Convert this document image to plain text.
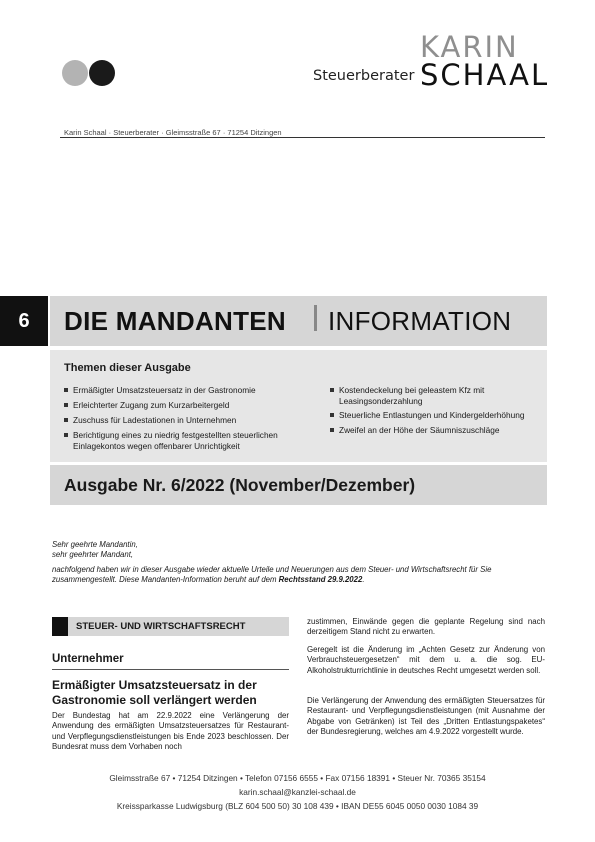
KARIN
Steuerberater SCHAAL
Karin Schaal · Steuerberater · Gleimsstraße 67 · 71254 Ditzingen
6	DIE MANDANTEN INFORMATION
Themen dieser Ausgabe
Ermäßigter Umsatzsteuersatz in der Gastronomie
Erleichterter Zugang zum Kurzarbeitergeld
Zuschuss für Ladestationen in Unternehmen
Berichtigung eines zu niedrig festgestellten steuerlichen Einlagekontos wegen offenbarer Unrichtigkeit
Kostendeckelung bei geleastem Kfz mit Leasingsonderzahlung
Steuerliche Entlastungen und Kindergelderhöhung
Zweifel an der Höhe der Säumniszuschläge
Ausgabe Nr. 6/2022 (November/Dezember)
Sehr geehrte Mandantin,
sehr geehrter Mandant,
nachfolgend haben wir in dieser Ausgabe wieder aktuelle Urteile und Neuerungen aus dem Steuer- und Wirtschaftsrecht für Sie zusammengestellt. Diese Mandanten-Information beruht auf dem Rechtsstand 29.9.2022.
STEUER- UND WIRTSCHAFTSRECHT
Unternehmer
Ermäßigter Umsatzsteuersatz in der Gastronomie soll verlängert werden
Der Bundestag hat am 22.9.2022 eine Verlängerung der Anwendung des ermäßigten Umsatzsteuersatzes für Restaurant- und Verpflegungsdienstleistungen bis Ende 2023 beschlossen. Der Bundesrat muss dem Vorhaben noch
zustimmen, Einwände gegen die geplante Regelung sind nach derzeitigem Stand nicht zu erwarten.
Geregelt ist die Änderung im „Achten Gesetz zur Änderung von Verbrauchsteuergesetzen“ mit dem u. a. die sog. EU-Alkoholstrukturrichtlinie in deutsches Recht umgesetzt werden soll.
Die Verlängerung der Anwendung des ermäßigten Steuersatzes für Restaurant- und Verpflegungsdienstleistungen (mit Ausnahme der Abgabe von Getränken) ist Teil des „Dritten Entlastungspaketes“ der Bundesregierung, welches am 4.9.2022 vorgestellt wurde.
Gleimsstraße 67 • 71254 Ditzingen • Telefon 07156 6555 • Fax 07156 18391 • Steuer Nr. 70365 35154
karin.schaal@kanzlei-schaal.de
Kreissparkasse Ludwigsburg (BLZ 604 500 50) 30 108 439 • IBAN DE55 6045 0050 0030 1084 39
